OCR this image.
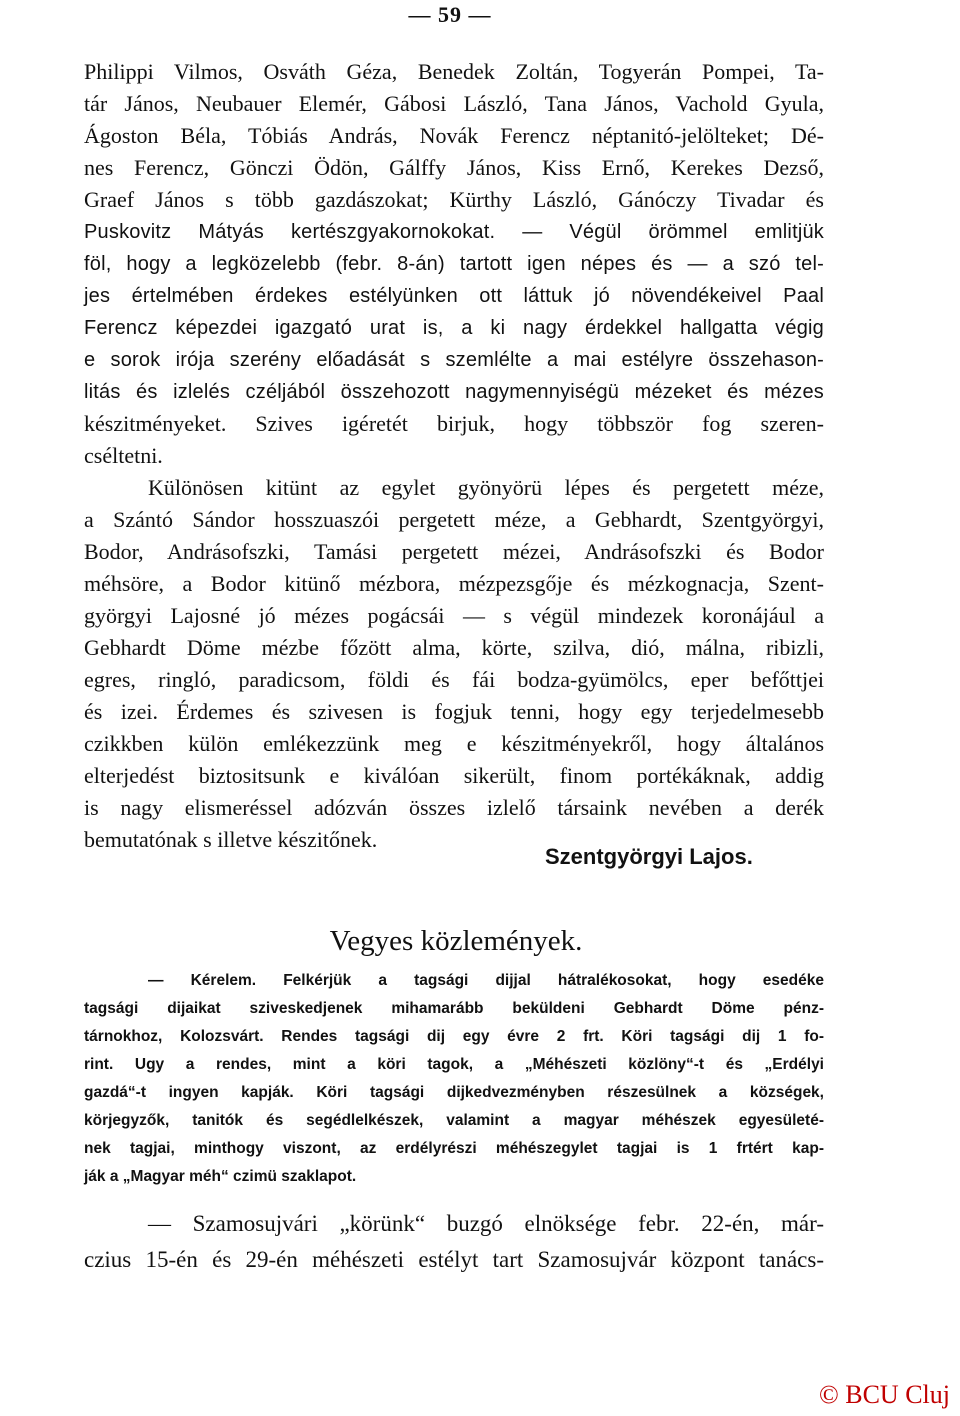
— 59 —
Philippi Vilmos, Osváth Géza, Benedek Zoltán, Togyerán Pompei, Ta-
tár János, Neubauer Elemér, Gábosi László, Tana János, Vachold Gyula,
Ágoston Béla, Tóbiás András, Novák Ferencz néptanitó-jelölteket; Dé-
nes Ferencz, Gönczi Ödön, Gálffy János, Kiss Ernő, Kerekes Dezső,
Graef János s több gazdászokat; Kürthy László, Gánóczy Tivadar és
Puskovitz Mátyás kertészgyakornokokat. — Végül örömmel emlitjük
föl, hogy a legközelebb (febr. 8-án) tartott igen népes és — a szó tel-
jes értelmében érdekes estélyünken ott láttuk jó növendékeivel Paal
Ferencz képezdei igazgató urat is, a ki nagy érdekkel hallgatta végig
e sorok irója szerény előadását s szemlélte a mai estélyre összehason-
litás és izlelés czéljából összehozott nagymennyiségü mézeket és mézes
készitményeket. Szives igéretét birjuk, hogy többször fog szeren-
cséltetni.
Különösen kitünt az egylet gyönyörü lépes és pergetett méze,
a Szántó Sándor hosszuaszói pergetett méze, a Gebhardt, Szentgyörgyi,
Bodor, Andrásofszki, Tamási pergetett mézei, Andrásofszki és Bodor
méhsöre, a Bodor kitünő mézbora, mézpezsgője és mézkognacja, Szent-
györgyi Lajosné jó mézes pogácsái — s végül mindezek koronájául a
Gebhardt Döme mézbe főzött alma, körte, szilva, dió, málna, ribizli,
egres, ringló, paradicsom, földi és fái bodza-gyümölcs, eper befőttjei
és izei. Érdemes és szivesen is fogjuk tenni, hogy egy terjedelmesebb
czikkben külön emlékezzünk meg e készitményekről, hogy általános
elterjedést biztositsunk e kiválóan sikerült, finom portékáknak, addig
is nagy elismeréssel adózván összes izlelő társaink nevében a derék
bemutatónak s illetve készitőnek.
Szentgyörgyi Lajos.
Vegyes közlemények.
— Kérelem. Felkérjük a tagsági dijjal hátralékosokat, hogy esedéke
tagsági dijaikat sziveskedjenek mihamarább beküldeni Gebhardt Döme pénz-
tárnokhoz, Kolozsvárt. Rendes tagsági dij egy évre 2 frt. Köri tagsági dij 1 fo-
rint. Ugy a rendes, mint a köri tagok, a „Méhészeti közlöny“-t és „Erdélyi
gazdá“-t ingyen kapják. Köri tagsági dijkedvezményben részesülnek a községek,
körjegyzők, tanitók és segédlelkészek, valamint a magyar méhészek egyesületé-
nek tagjai, minthogy viszont, az erdélyrészi méhészegylet tagjai is 1 frtért kap-
ják a „Magyar méh“ czimü szaklapot.
— Szamosujvári „körünk“ buzgó elnöksége febr. 22-én, már-
czius 15-én és 29-én méhészeti estélyt tart Szamosujvár központ tanács-
© BCU Cluj
